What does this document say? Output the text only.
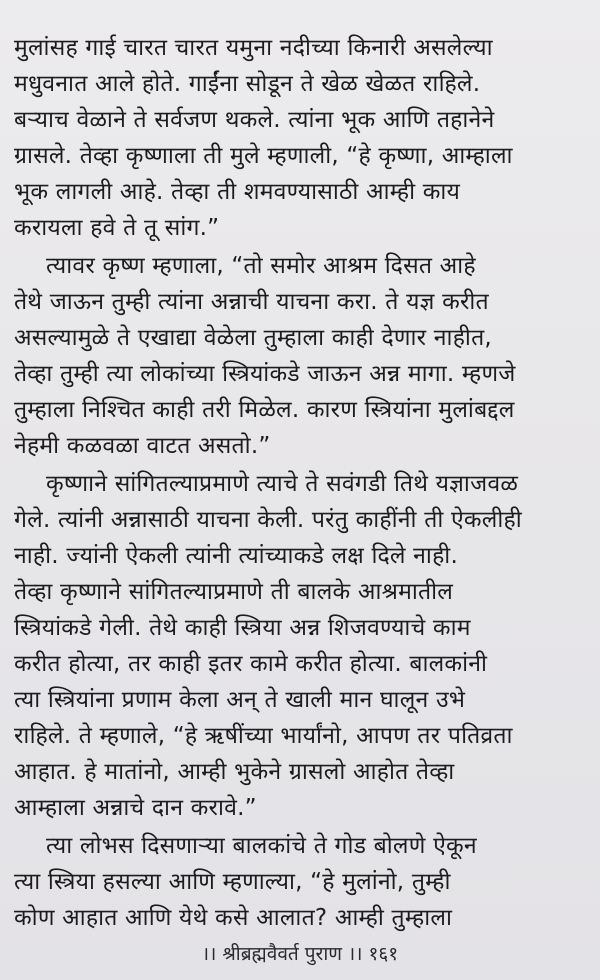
मुलांसह गाई चारत चारत यमुना नदीच्या किनारी असलेल्या
मधुवनात आले होते. गाईंना सोडून ते खेळ खेळत राहिले.
बऱ्याच वेळाने ते सर्वजण थकले. त्यांना भूक आणि तहानेने
ग्रासले. तेव्हा कृष्णाला ती मुले म्हणाली, “हे कृष्णा, आम्हाला
भूक लागली आहे. तेव्हा ती शमवण्यासाठी आम्ही काय
करायला हवे ते तू सांग.”
त्यावर कृष्ण म्हणाला, “तो समोर आश्रम दिसत आहे
तेथे जाऊन तुम्ही त्यांना अन्नाची याचना करा. ते यज्ञ करीत
असल्यामुळे ते एखाद्या वेळेला तुम्हाला काही देणार नाहीत,
तेव्हा तुम्ही त्या लोकांच्या स्त्रियांकडे जाऊन अन्न मागा. म्हणजे
तुम्हाला निश्चित काही तरी मिळेल. कारण स्त्रियांना मुलांबद्दल
नेहमी कळवळा वाटत असतो.”
कृष्णाने सांगितल्याप्रमाणे त्याचे ते सवंगडी तिथे यज्ञाजवळ
गेले. त्यांनी अन्नासाठी याचना केली. परंतु काहींनी ती ऐकलीही
नाही. ज्यांनी ऐकली त्यांनी त्यांच्याकडे लक्ष दिले नाही.
तेव्हा कृष्णाने सांगितल्याप्रमाणे ती बालके आश्रमातील
स्त्रियांकडे गेली. तेथे काही स्त्रिया अन्न शिजवण्याचे काम
करीत होत्या, तर काही इतर कामे करीत होत्या. बालकांनी
त्या स्त्रियांना प्रणाम केला अन् ते खाली मान घालून उभे
राहिले. ते म्हणाले, “हे ऋषींच्या भार्यांनो, आपण तर पतिव्रता
आहात. हे मातांनो, आम्ही भुकेने ग्रासलो आहोत तेव्हा
आम्हाला अन्नाचे दान करावे.”
त्या लोभस दिसणाऱ्या बालकांचे ते गोड बोलणे ऐकून
त्या स्त्रिया हसल्या आणि म्हणाल्या, “हे मुलांनो, तुम्ही
कोण आहात आणि येथे कसे आलात? आम्ही तुम्हाला
।। श्रीब्रह्मवैवर्त पुराण ।। १६१
